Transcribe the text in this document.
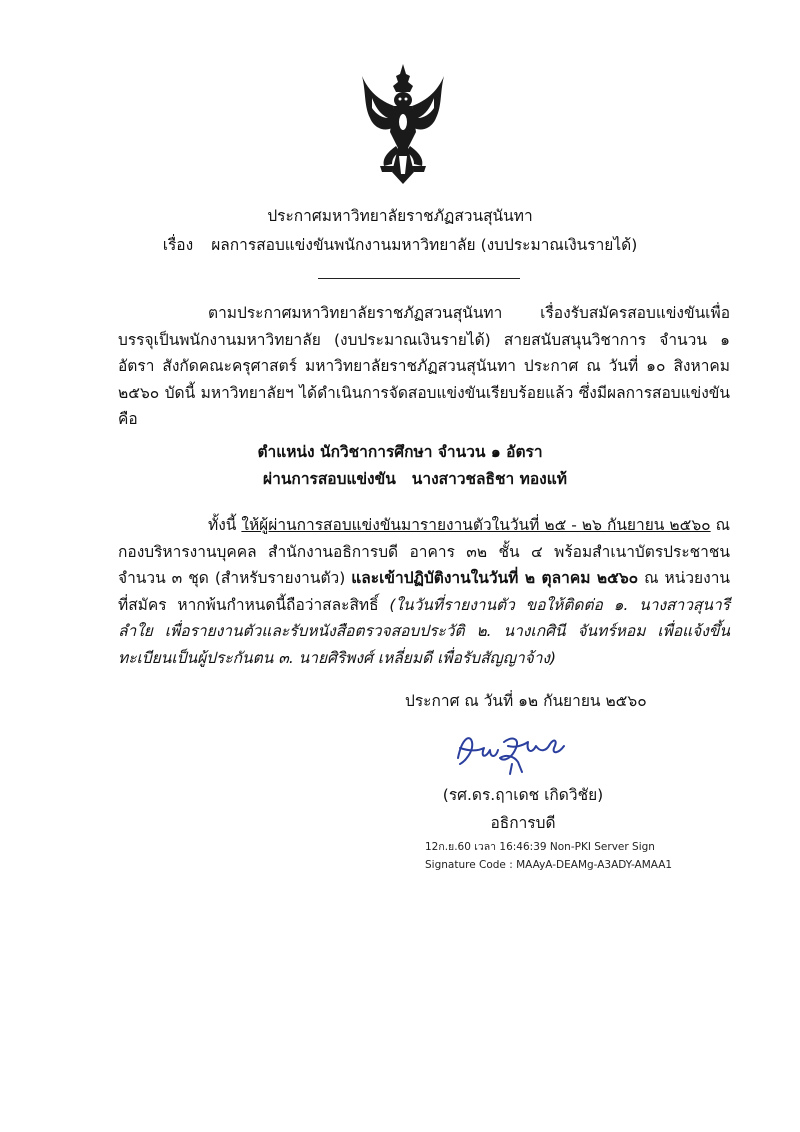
ประกาศมหาวิทยาลัยราชภัฏสวนสุนันทา
เรื่อง ผลการสอบแข่งขันพนักงานมหาวิทยาลัย (งบประมาณเงินรายได้)
ตามประกาศมหาวิทยาลัยราชภัฏสวนสุนันทา เรื่องรับสมัครสอบแข่งขันเพื่อบรรจุเป็นพนักงานมหาวิทยาลัย (งบประมาณเงินรายได้) สายสนับสนุนวิชาการ จำนวน ๑ อัตรา สังกัดคณะครุศาสตร์ มหาวิทยาลัยราชภัฏสวนสุนันทา ประกาศ ณ วันที่ ๑๐ สิงหาคม ๒๕๖๐ บัดนี้ มหาวิทยาลัยฯ ได้ดำเนินการจัดสอบแข่งขันเรียบร้อยแล้ว ซึ่งมีผลการสอบแข่งขัน คือ
ตำแหน่ง นักวิชาการศึกษา จำนวน ๑ อัตรา
ผ่านการสอบแข่งขัน นางสาวชลธิชา ทองแท้
ทั้งนี้ ให้ผู้ผ่านการสอบแข่งขันมารายงานตัวในวันที่ ๒๕ - ๒๖ กันยายน ๒๕๖๐ ณ กองบริหารงานบุคคล สำนักงานอธิการบดี อาคาร ๓๒ ชั้น ๔ พร้อมสำเนาบัตรประชาชน จำนวน ๓ ชุด (สำหรับรายงานตัว) และเข้าปฏิบัติงานในวันที่ ๒ ตุลาคม ๒๕๖๐ ณ หน่วยงานที่สมัคร หากพ้นกำหนดนี้ถือว่าสละสิทธิ์ (ในวันที่รายงานตัว ขอให้ติดต่อ ๑. นางสาวสุนารี ลำใย เพื่อรายงานตัวและรับหนังสือตรวจสอบประวัติ ๒. นางเกศินี จันทร์หอม เพื่อแจ้งขึ้นทะเบียนเป็นผู้ประกันตน ๓. นายศิริพงศ์ เหลี่ยมดี เพื่อรับสัญญาจ้าง)
ประกาศ ณ วันที่ ๑๒ กันยายน ๒๕๖๐
(รศ.ดร.ฤาเดช เกิดวิชัย)
อธิการบดี
12ก.ย.60 เวลา 16:46:39 Non-PKI Server Sign
Signature Code : MAAyA-DEAMg-A3ADY-AMAA1
